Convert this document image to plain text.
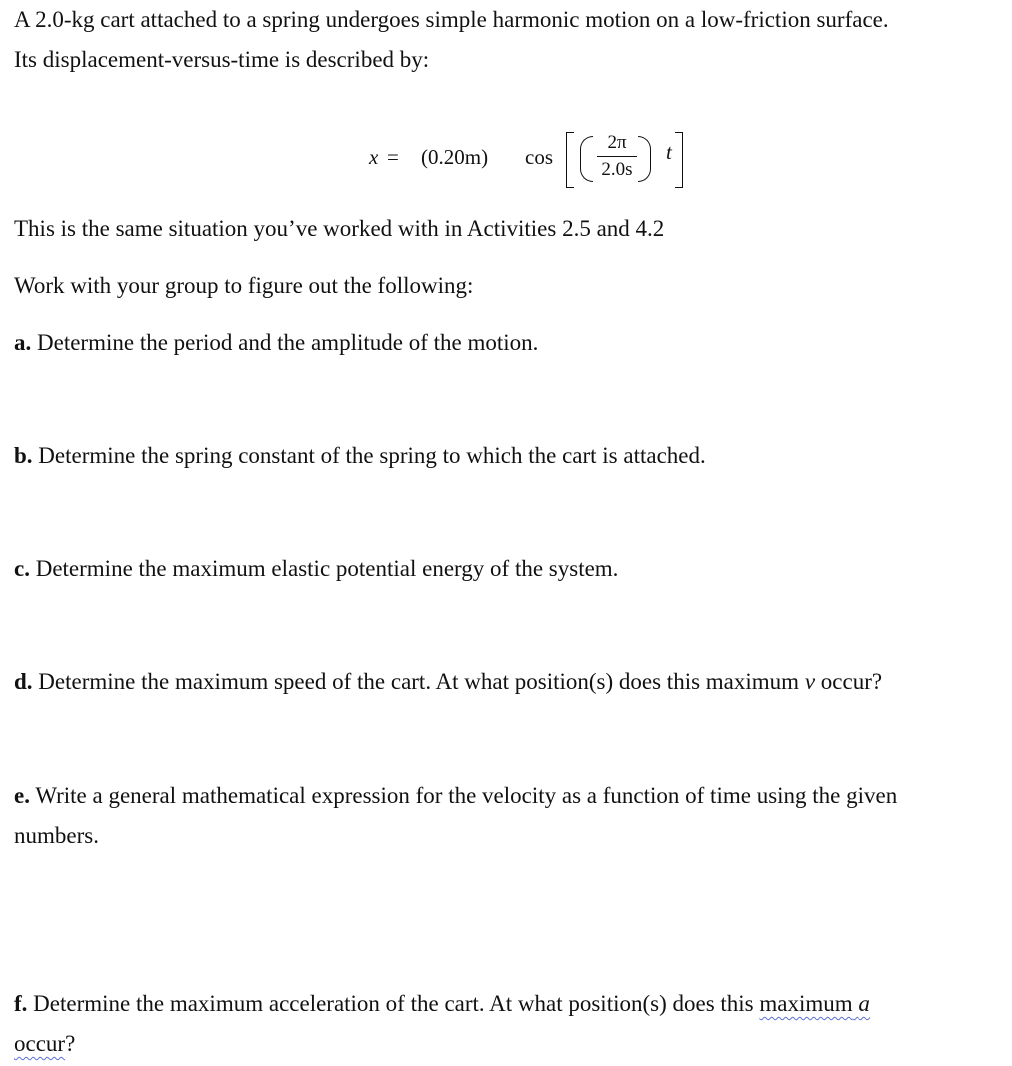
A 2.0-kg cart attached to a spring undergoes simple harmonic motion on a low-friction surface.
Its displacement-versus-time is described by:
x = (0.20m) cos
2π
2.0s
t
This is the same situation you’ve worked with in Activities 2.5 and 4.2
Work with your group to figure out the following:
a. Determine the period and the amplitude of the motion.
b. Determine the spring constant of the spring to which the cart is attached.
c. Determine the maximum elastic potential energy of the system.
d. Determine the maximum speed of the cart. At what position(s) does this maximum v occur?
e. Write a general mathematical expression for the velocity as a function of time using the given
numbers.
f. Determine the maximum acceleration of the cart. At what position(s) does this maximum a
occur?
